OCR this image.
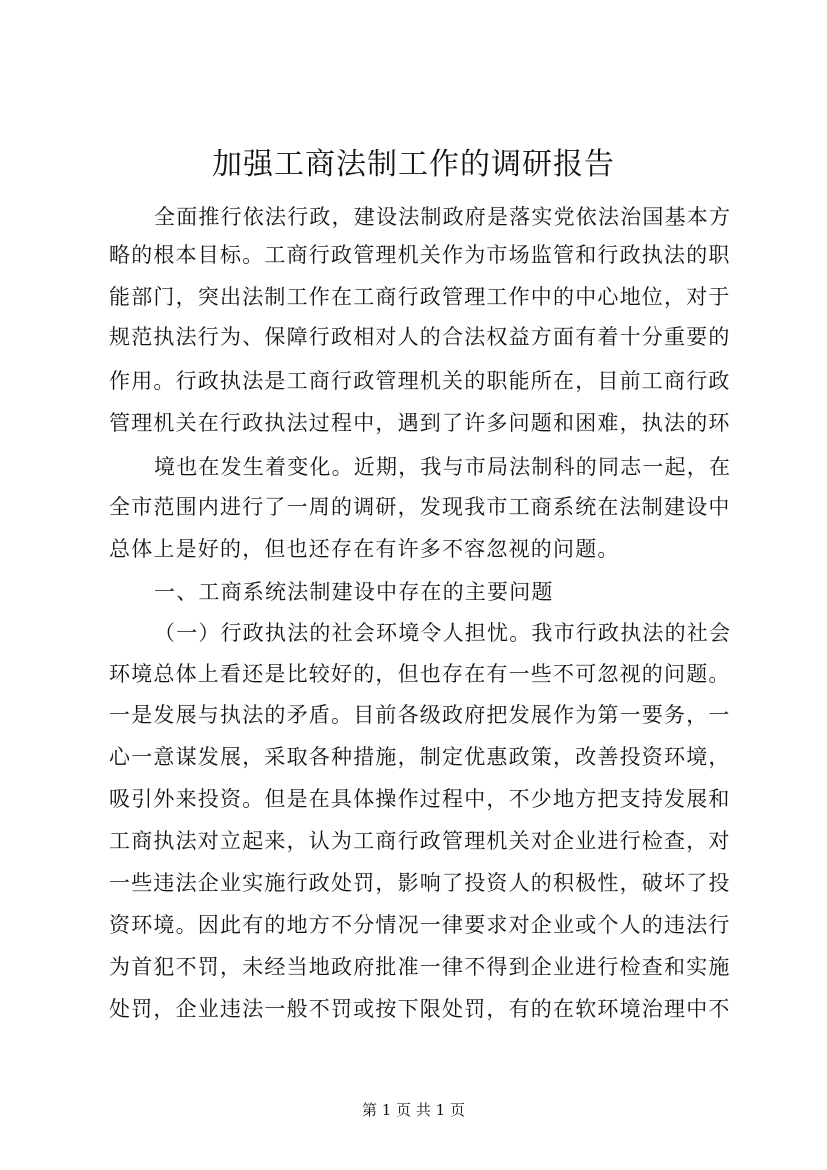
加强工商法制工作的调研报告
全面推行依法行政，建设法制政府是落实党依法治国基本方
略的根本目标。工商行政管理机关作为市场监管和行政执法的职
能部门，突出法制工作在工商行政管理工作中的中心地位，对于
规范执法行为、保障行政相对人的合法权益方面有着十分重要的
作用。行政执法是工商行政管理机关的职能所在，目前工商行政
管理机关在行政执法过程中，遇到了许多问题和困难，执法的环
境也在发生着变化。近期，我与市局法制科的同志一起，在
全市范围内进行了一周的调研，发现我市工商系统在法制建设中
总体上是好的，但也还存在有许多不容忽视的问题。
一、工商系统法制建设中存在的主要问题
（一）行政执法的社会环境令人担忧。我市行政执法的社会
环境总体上看还是比较好的，但也存在有一些不可忽视的问题。
一是发展与执法的矛盾。目前各级政府把发展作为第一要务，一
心一意谋发展，采取各种措施，制定优惠政策，改善投资环境，
吸引外来投资。但是在具体操作过程中，不少地方把支持发展和
工商执法对立起来，认为工商行政管理机关对企业进行检查，对
一些违法企业实施行政处罚，影响了投资人的积极性，破坏了投
资环境。因此有的地方不分情况一律要求对企业或个人的违法行
为首犯不罚，未经当地政府批准一律不得到企业进行检查和实施
处罚，企业违法一般不罚或按下限处罚，有的在软环境治理中不
第 1 页 共 1 页
